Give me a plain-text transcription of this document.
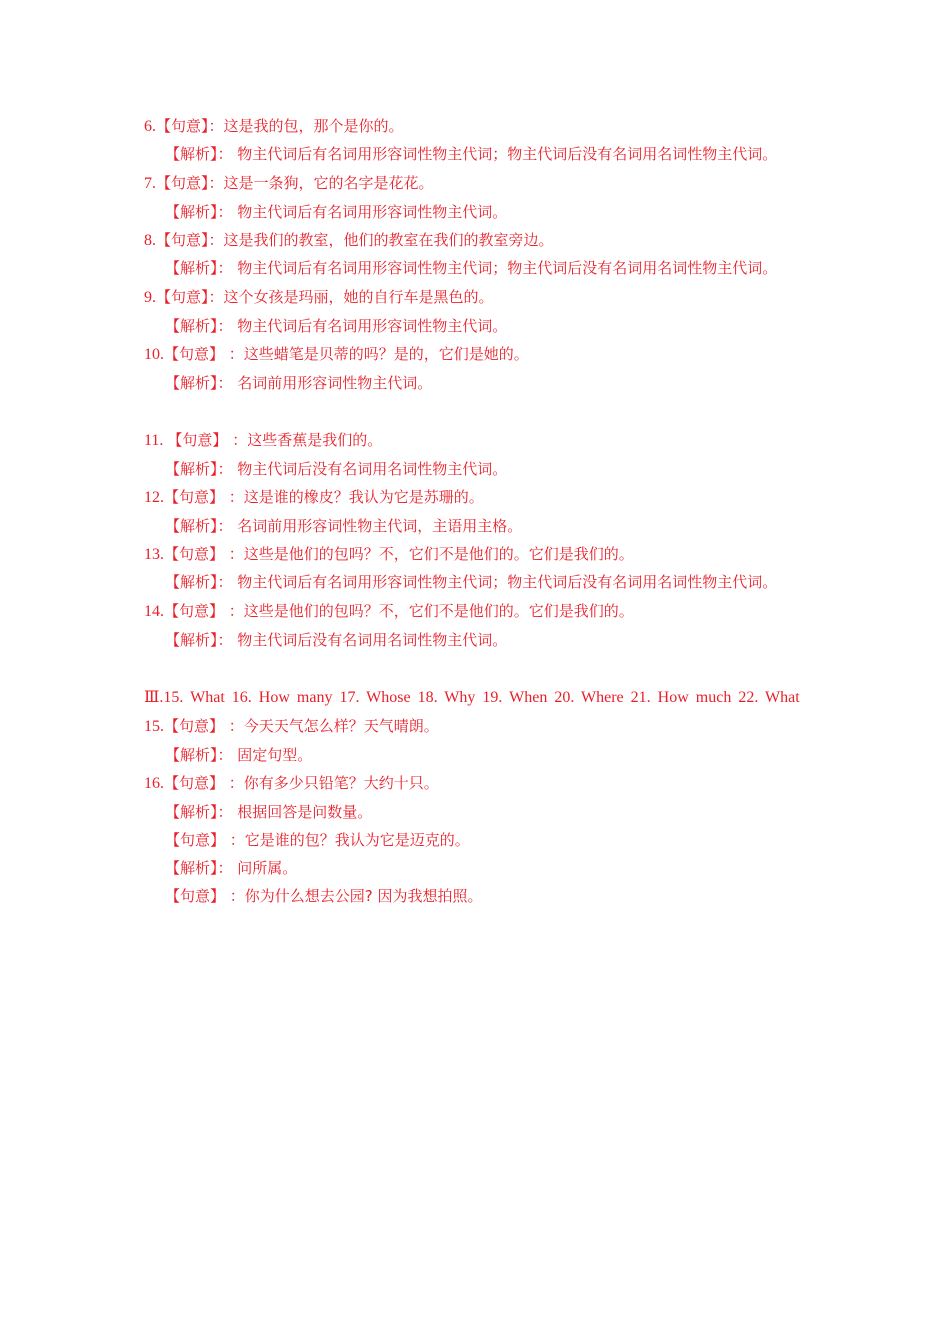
6.【句意】：这是我的包，那个是你的。
【解析】： 物主代词后有名词用形容词性物主代词；物主代词后没有名词用名词性物主代词。
7.【句意】：这是一条狗，它的名字是花花。
【解析】： 物主代词后有名词用形容词性物主代词。
8.【句意】：这是我们的教室，他们的教室在我们的教室旁边。
【解析】： 物主代词后有名词用形容词性物主代词；物主代词后没有名词用名词性物主代词。
9.【句意】：这个女孩是玛丽，她的自行车是黑色的。
【解析】： 物主代词后有名词用形容词性物主代词。
10.【句意】 ：这些蜡笔是贝蒂的吗？是的，它们是她的。
【解析】： 名词前用形容词性物主代词。
11. 【句意】 ：这些香蕉是我们的。
【解析】： 物主代词后没有名词用名词性物主代词。
12.【句意】 ：这是谁的橡皮？我认为它是苏珊的。
【解析】： 名词前用形容词性物主代词，主语用主格。
13.【句意】 ：这些是他们的包吗？不，它们不是他们的。它们是我们的。
【解析】： 物主代词后有名词用形容词性物主代词；物主代词后没有名词用名词性物主代词。
14.【句意】 ：这些是他们的包吗？不，它们不是他们的。它们是我们的。
【解析】： 物主代词后没有名词用名词性物主代词。
Ⅲ.15. What 16. How many 17. Whose 18. Why 19. When 20. Where 21. How much 22. What
15.【句意】 ：今天天气怎么样？天气晴朗。
【解析】： 固定句型。
16.【句意】 ：你有多少只铅笔？大约十只。
【解析】： 根据回答是问数量。
【句意】 ：它是谁的包？我认为它是迈克的。
【解析】： 问所属。
【句意】 ：你为什么想去公园? 因为我想拍照。
